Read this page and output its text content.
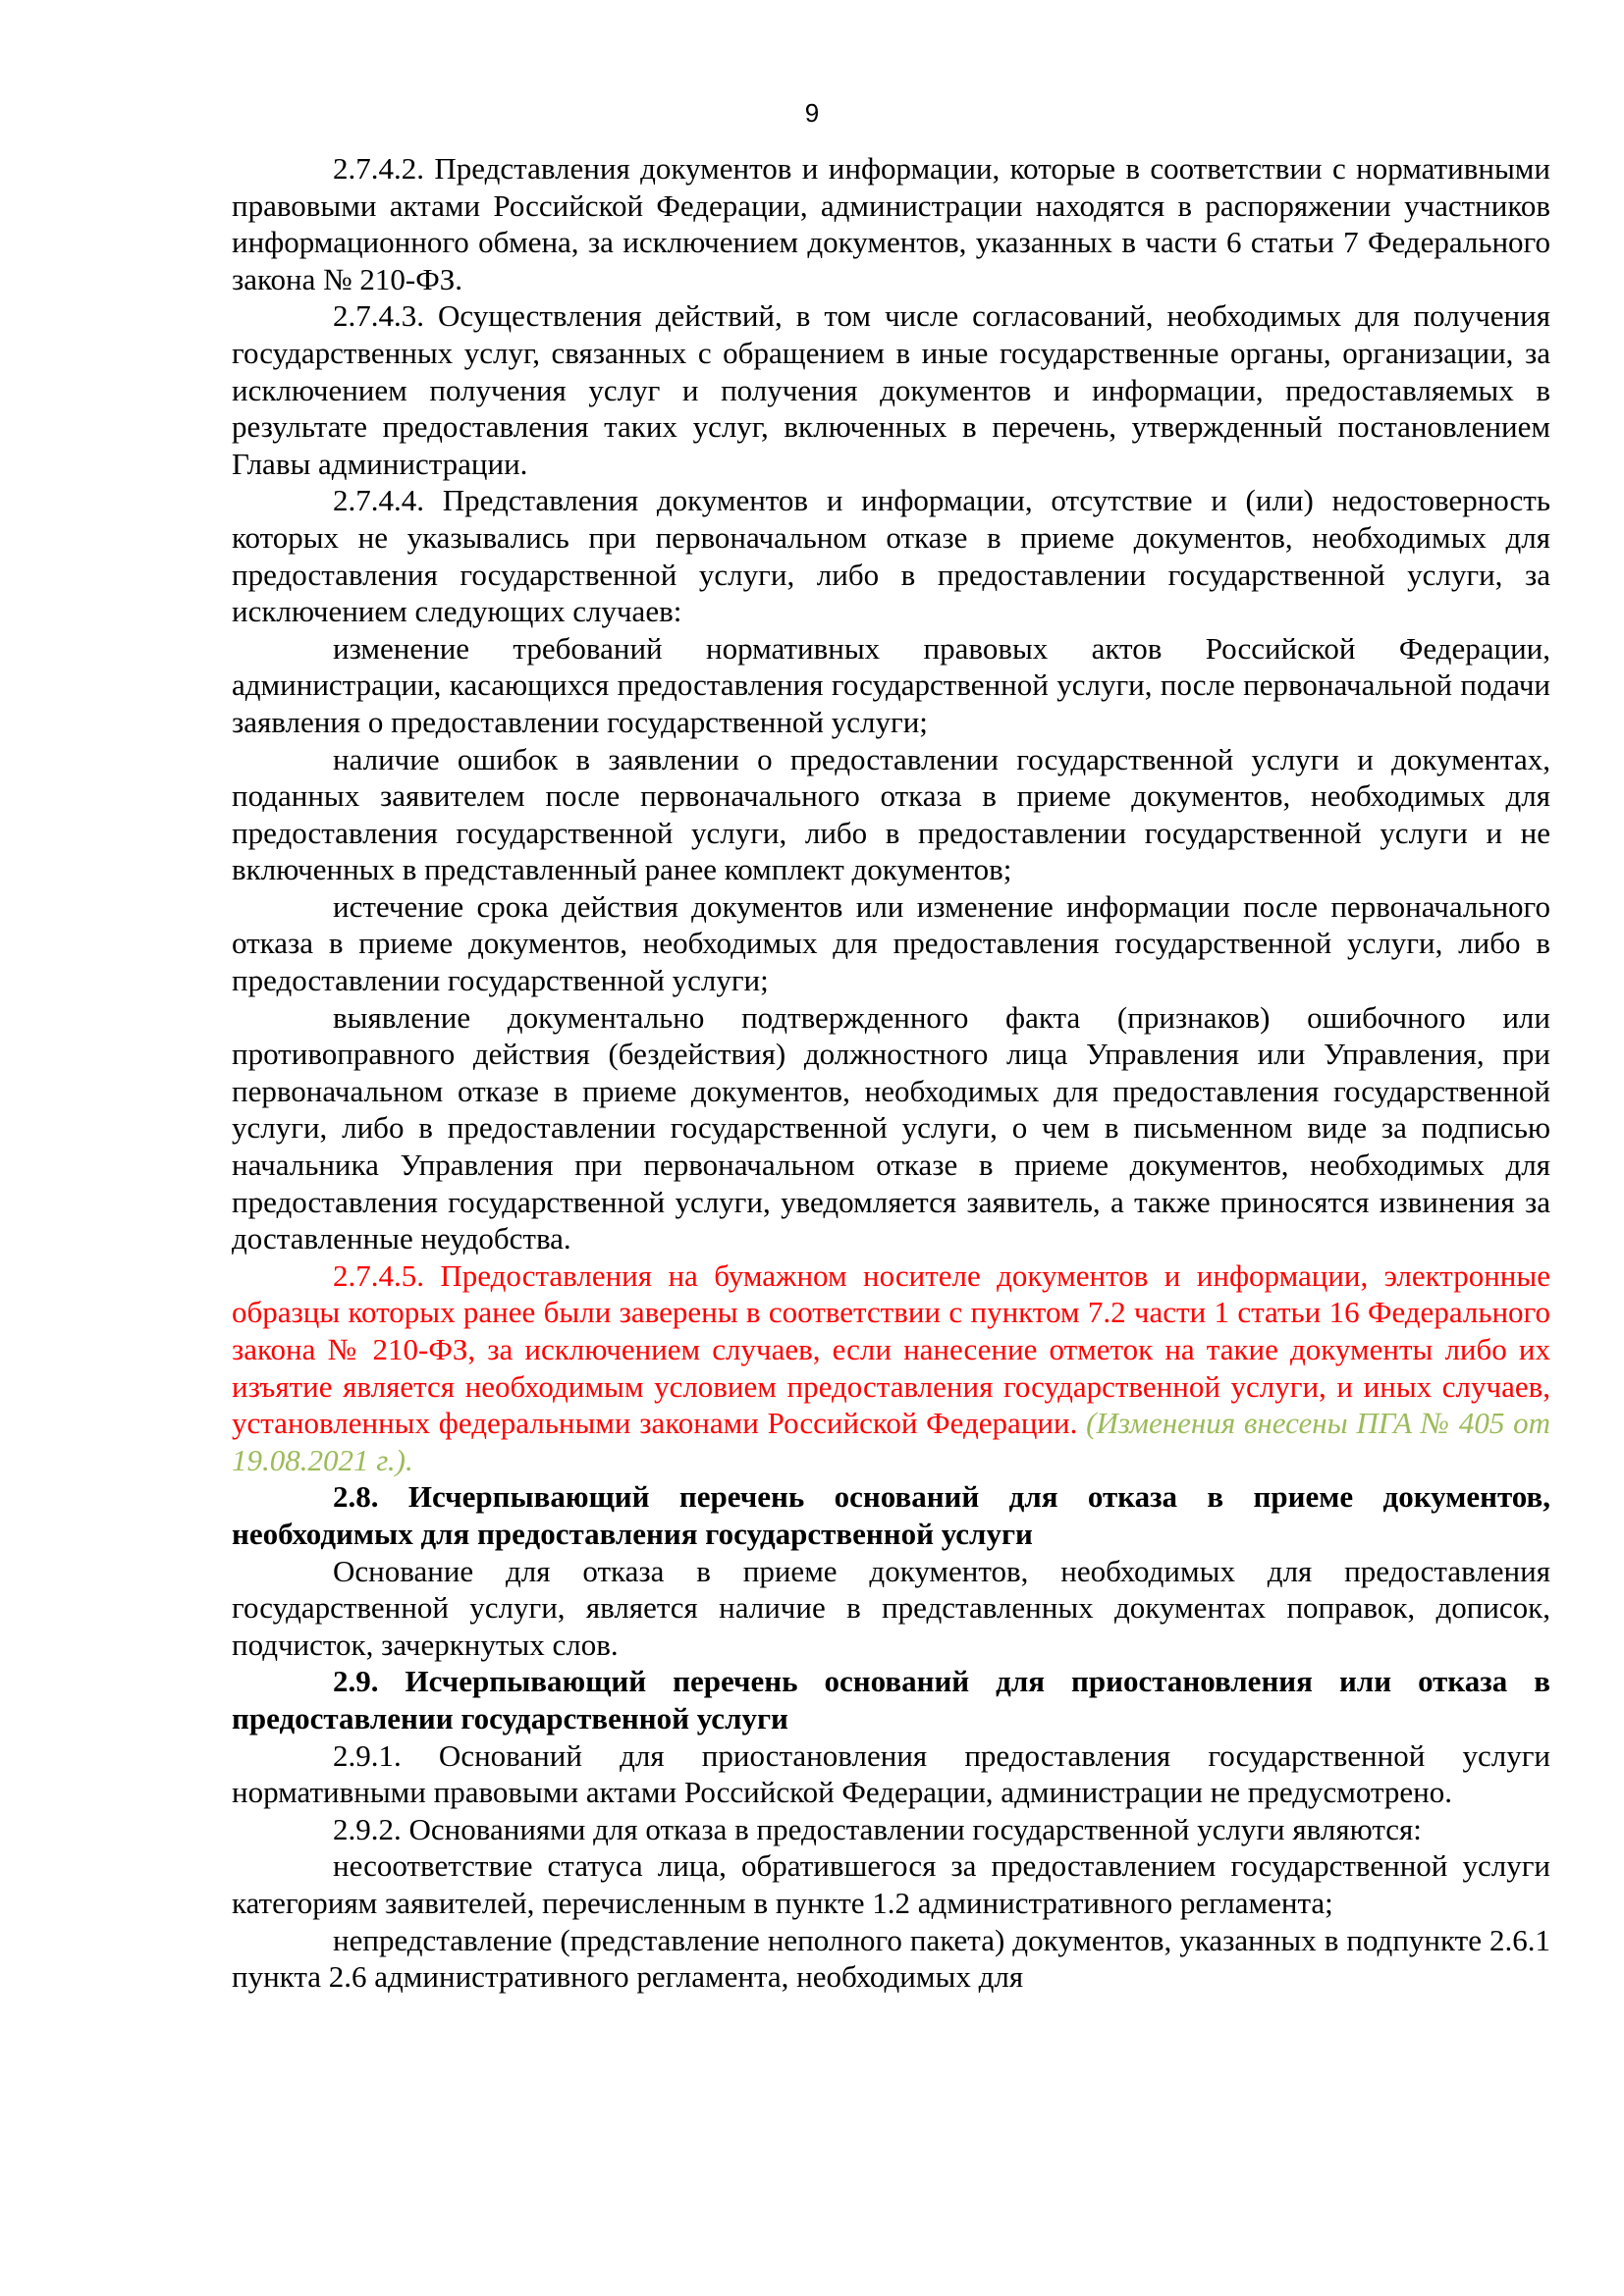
9

2.7.4.2. Представления документов и информации, которые в соответствии с нормативными правовыми актами Российской Федерации, администрации находятся в распоряжении участников информационного обмена, за исключением документов, указанных в части 6 статьи 7 Федерального закона № 210-ФЗ.

2.7.4.3. Осуществления действий, в том числе согласований, необходимых для получения государственных услуг, связанных с обращением в иные государственные органы, организации, за исключением получения услуг и получения документов и информации, предоставляемых в результате предоставления таких услуг, включенных в перечень, утвержденный постановлением Главы администрации.

2.7.4.4. Представления документов и информации, отсутствие и (или) недостоверность которых не указывались при первоначальном отказе в приеме документов, необходимых для предоставления государственной услуги, либо в предоставлении государственной услуги, за исключением следующих случаев:

изменение требований нормативных правовых актов Российской Федерации, администрации, касающихся предоставления государственной услуги, после первоначальной подачи заявления о предоставлении государственной услуги;

наличие ошибок в заявлении о предоставлении государственной услуги и документах, поданных заявителем после первоначального отказа в приеме документов, необходимых для предоставления государственной услуги, либо в предоставлении государственной услуги и не включенных в представленный ранее комплект документов;

истечение срока действия документов или изменение информации после первоначального отказа в приеме документов, необходимых для предоставления государственной услуги, либо в предоставлении государственной услуги;

выявление документально подтвержденного факта (признаков) ошибочного или противоправного действия (бездействия) должностного лица Управления или Управления, при первоначальном отказе в приеме документов, необходимых для предоставления государственной услуги, либо в предоставлении государственной услуги, о чем в письменном виде за подписью начальника Управления при первоначальном отказе в приеме документов, необходимых для предоставления государственной услуги, уведомляется заявитель, а также приносятся извинения за доставленные неудобства.

2.7.4.5. Предоставления на бумажном носителе документов и информации, электронные образцы которых ранее были заверены в соответствии с пунктом 7.2 части 1 статьи 16 Федерального закона № 210-ФЗ, за исключением случаев, если нанесение отметок на такие документы либо их изъятие является необходимым условием предоставления государственной услуги, и иных случаев, установленных федеральными законами Российской Федерации. (Изменения внесены ПГА № 405 от 19.08.2021 г.).

2.8. Исчерпывающий перечень оснований для отказа в приеме документов, необходимых для предоставления государственной услуги

Основание для отказа в приеме документов, необходимых для предоставления государственной услуги, является наличие в представленных документах поправок, дописок, подчисток, зачеркнутых слов.

2.9. Исчерпывающий перечень оснований для приостановления или отказа в предоставлении государственной услуги

2.9.1. Оснований для приостановления предоставления государственной услуги нормативными правовыми актами Российской Федерации, администрации не предусмотрено.

2.9.2. Основаниями для отказа в предоставлении государственной услуги являются:

несоответствие статуса лица, обратившегося за предоставлением государственной услуги категориям заявителей, перечисленным в пункте 1.2 административного регламента;

непредставление (представление неполного пакета) документов, указанных в подпункте 2.6.1 пункта 2.6 административного регламента, необходимых для
